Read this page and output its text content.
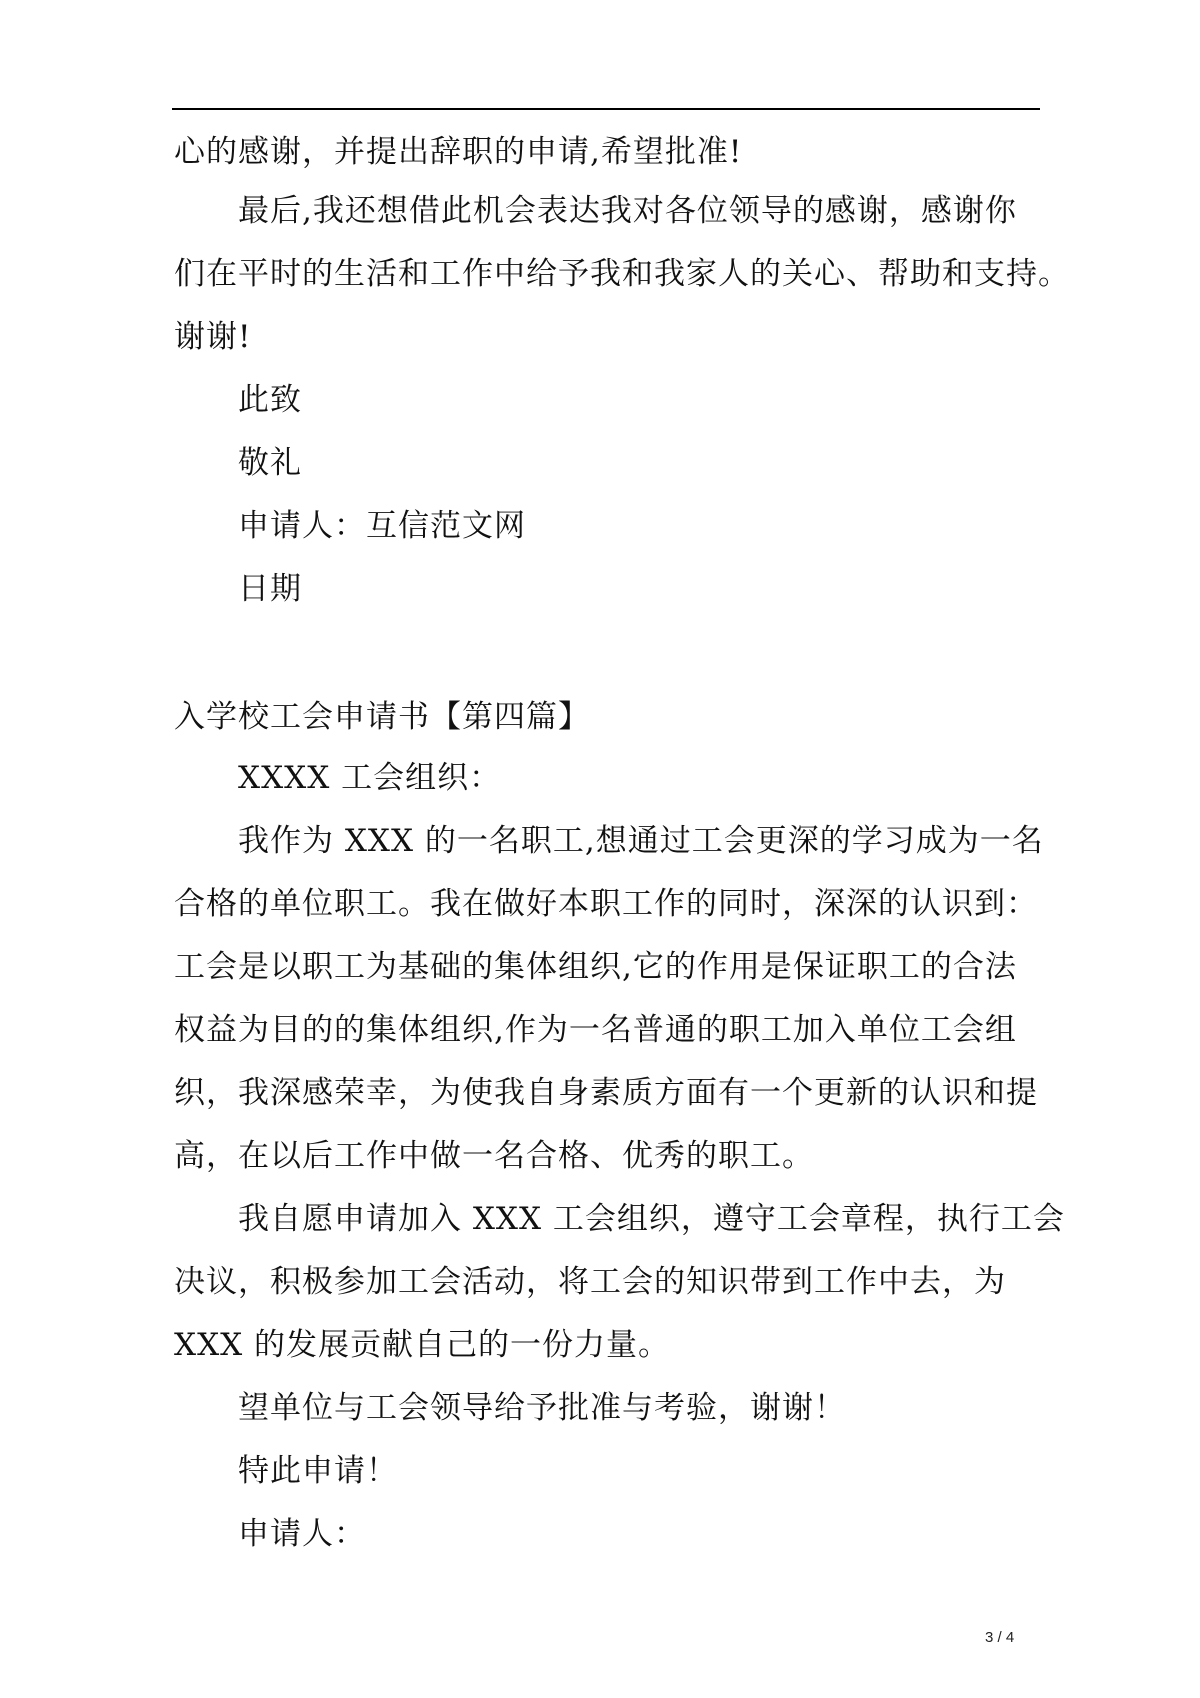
心的感谢，并提出辞职的申请,希望批准!
最后,我还想借此机会表达我对各位领导的感谢，感谢你
们在平时的生活和工作中给予我和我家人的关心、帮助和支持。
谢谢!
此致
敬礼
申请人：互信范文网
日期
入学校工会申请书【第四篇】
XXXX 工会组织：
我作为 XXX 的一名职工,想通过工会更深的学习成为一名
合格的单位职工。我在做好本职工作的同时，深深的认识到：
工会是以职工为基础的集体组织,它的作用是保证职工的合法
权益为目的的集体组织,作为一名普通的职工加入单位工会组
织，我深感荣幸，为使我自身素质方面有一个更新的认识和提
高，在以后工作中做一名合格、优秀的职工。
我自愿申请加入 XXX 工会组织，遵守工会章程，执行工会
决议，积极参加工会活动，将工会的知识带到工作中去，为
XXX 的发展贡献自己的一份力量。
望单位与工会领导给予批准与考验，谢谢！
特此申请！
申请人：
3 / 4
